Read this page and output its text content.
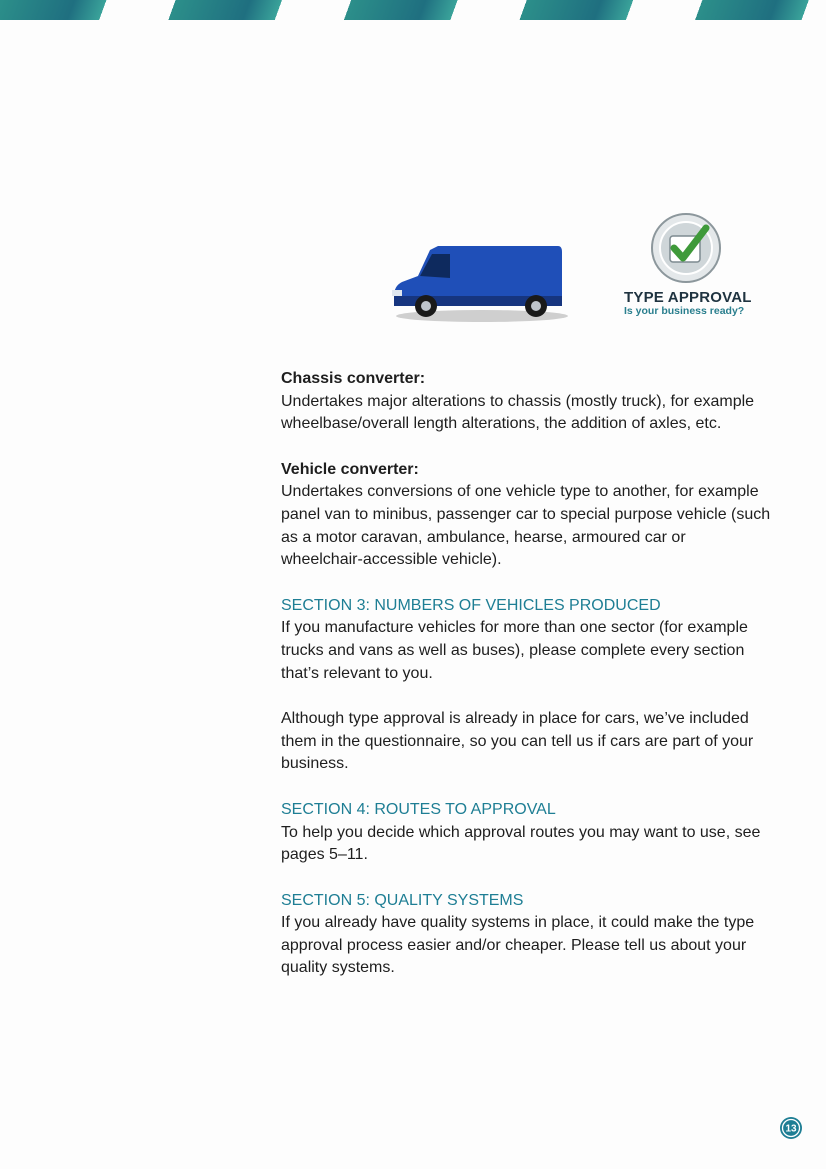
TYPE APPROVAL
Is your business ready?

Chassis converter:

Undertakes major alterations to chassis (mostly truck), for example wheelbase/overall length alterations, the addition of axles, etc.

Vehicle converter:

Undertakes conversions of one vehicle type to another, for example panel van to minibus, passenger car to special purpose vehicle (such as a motor caravan, ambulance, hearse, armoured car or wheelchair-accessible vehicle).

SECTION 3: NUMBERS OF VEHICLES PRODUCED

If you manufacture vehicles for more than one sector (for example trucks and vans as well as buses), please complete every section that’s relevant to you.

Although type approval is already in place for cars, we’ve included them in the questionnaire, so you can tell us if cars are part of your business.

SECTION 4: ROUTES TO APPROVAL

To help you decide which approval routes you may want to use, see pages 5–11.

SECTION 5: QUALITY SYSTEMS

If you already have quality systems in place, it could make the type approval process easier and/or cheaper. Please tell us about your quality systems.

13
